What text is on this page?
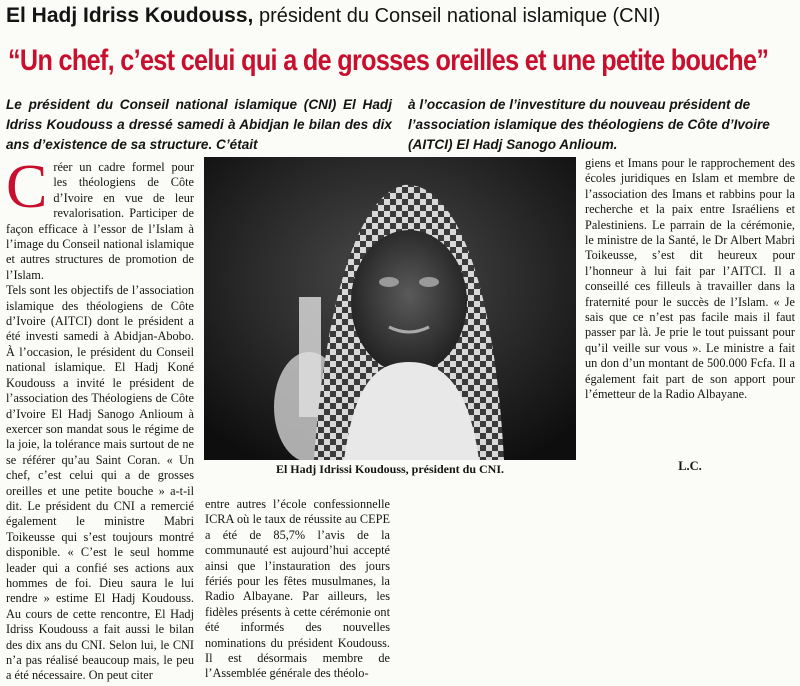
El Hadj Idriss Koudouss, président du Conseil national islamique (CNI)
“Un chef, c’est celui qui a de grosses oreilles et une petite bouche”
Le président du Conseil national islamique (CNI) El Hadj Idriss Koudouss a dressé samedi à Abidjan le bilan des dix ans d’existence de sa structure. C’était
à l’occasion de l’investiture du nouveau président de l’association islamique des théologiens de Côte d’Ivoire (AITCI) El Hadj Sanogo Anlioum.
C réer un cadre formel pour les théologiens de Côte d’Ivoire en vue de leur revalorisation. Participer de façon efficace à l’essor de l’Islam à l’image du Conseil national islamique et autres structures de promotion de l’Islam.

Tels sont les objectifs de l’association islamique des théologiens de Côte d’Ivoire (AITCI) dont le président a été investi samedi à Abidjan-Abobo. À l’occasion, le président du Conseil national islamique. El Hadj Koné Koudouss a invité le président de l’association des Théologiens de Côte d’Ivoire El Hadj Sanogo Anlioum à exercer son mandat sous le régime de la joie, la tolérance mais surtout de ne se référer qu’au Saint Coran. « Un chef, c’est celui qui a de grosses oreilles et une petite bouche » a-t-il dit. Le président du CNI a remercié également le ministre Mabri Toikeusse qui s’est toujours montré disponible. « C’est le seul homme leader qui a confié ses actions aux hommes de foi. Dieu saura le lui rendre » estime El Hadj Koudouss. Au cours de cette rencontre, El Hadj Idriss Koudouss a fait aussi le bilan des dix ans du CNI. Selon lui, le CNI n’a pas réalisé beaucoup mais, le peu a été nécessaire. On peut citer

El Hadj Idrissi Koudouss, président du CNI.

entre autres l’école confessionnelle ICRA où le taux de réussite au CEPE a été de 85,7% l’avis de la communauté est aujourd’hui accepté ainsi que l’instauration des jours fériés pour les fêtes musulmanes, la Radio Albayane. Par ailleurs, les fidèles présents à cette cérémonie ont été informés des nouvelles nominations du président Koudouss. Il est désormais membre de l’Assemblée générale des théolo-

giens et Imans pour le rapprochement des écoles juridiques en Islam et membre de l’association des Imans et rabbins pour la recherche et la paix entre Israéliens et Palestiniens. Le parrain de la cérémonie, le ministre de la Santé, le Dr Albert Mabri Toikeusse, s’est dit heureux pour l’honneur à lui fait par l’AITCI. Il a conseillé ces filleuls à travailler dans la fraternité pour le succès de l’Islam. « Je sais que ce n’est pas facile mais il faut passer par là. Je prie le tout puissant pour qu’il veille sur vous ». Le ministre a fait un don d’un montant de 500.000 Fcfa. Il a également fait part de son apport pour l’émetteur de la Radio Albayane.

L.C.
